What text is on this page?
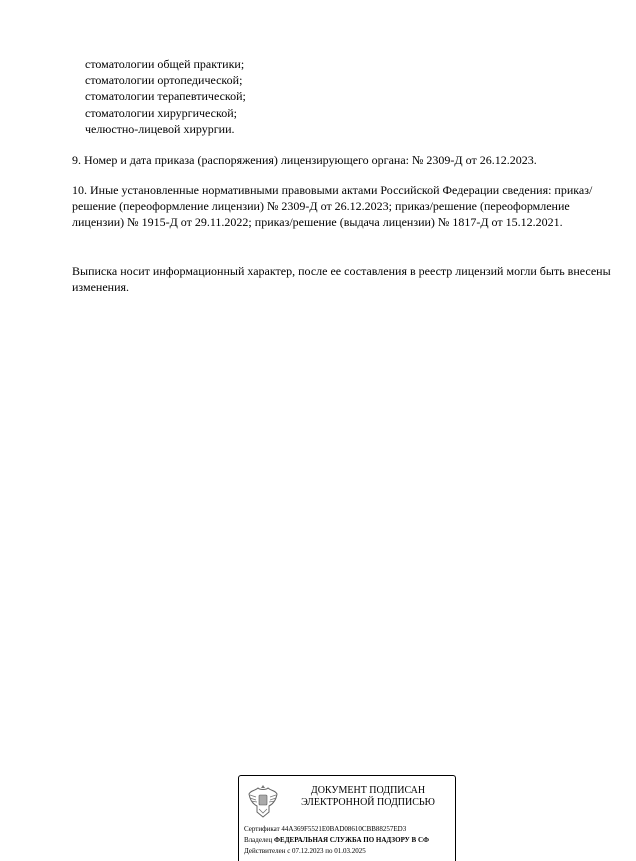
стоматологии общей практики;
стоматологии ортопедической;
стоматологии терапевтической;
стоматологии хирургической;
челюстно-лицевой хирургии.
9. Номер и дата приказа (распоряжения) лицензирующего органа: № 2309-Д от 26.12.2023.
10. Иные установленные нормативными правовыми актами Российской Федерации сведения: приказ/решение (переоформление лицензии) № 2309-Д от 26.12.2023; приказ/решение (переоформление лицензии) № 1915-Д от 29.11.2022; приказ/решение (выдача лицензии) № 1817-Д от 15.12.2021.
Выписка носит информационный характер, после ее составления в реестр лицензий могли быть внесены изменения.
ДОКУМЕНТ ПОДПИСАН
ЭЛЕКТРОННОЙ ПОДПИСЬЮ
Сертификат 44A369F5521E0BAD08610CBB88257ED3
Владелец ФЕДЕРАЛЬНАЯ СЛУЖБА ПО НАДЗОРУ В СФ
Действителен с 07.12.2023 по 01.03.2025
